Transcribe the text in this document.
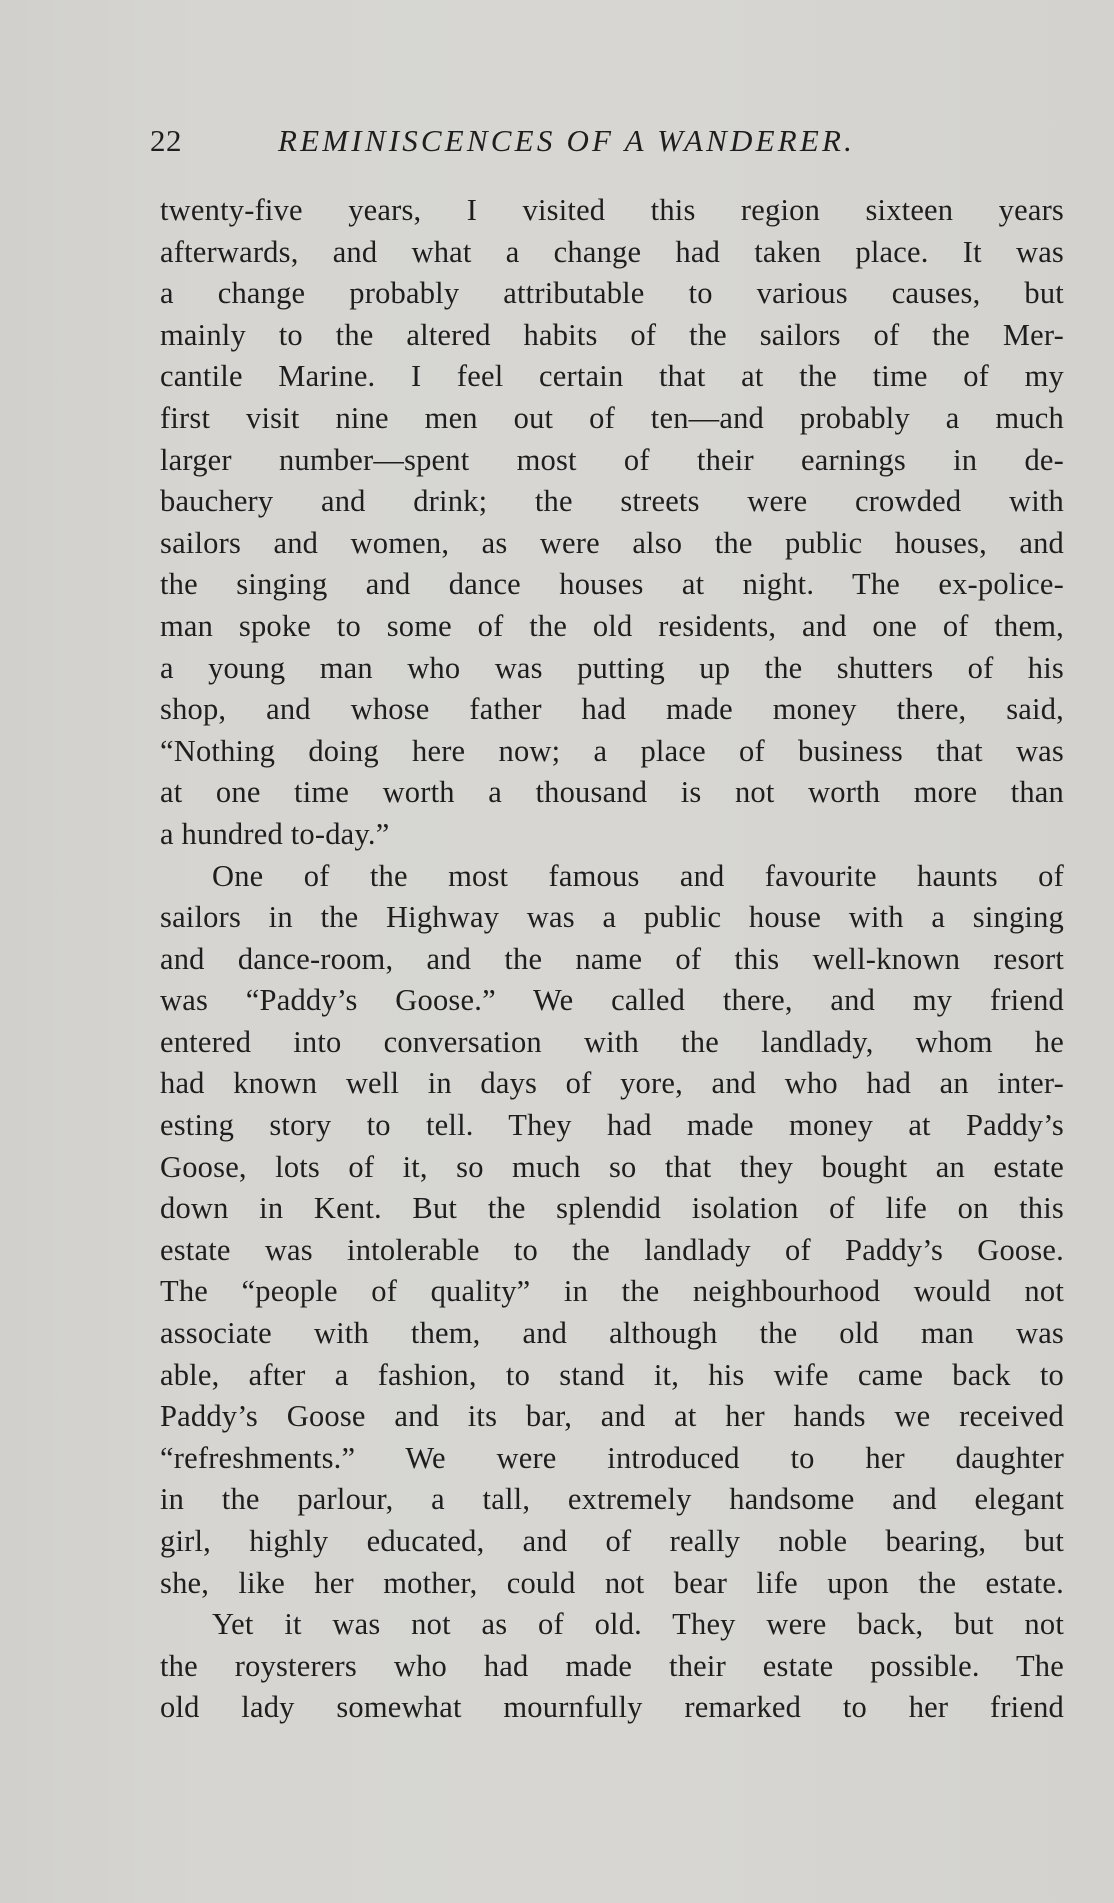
22	REMINISCENCES OF A WANDERER.
twenty-five years, I visited this region sixteen years
afterwards, and what a change had taken place. It was
a change probably attributable to various causes, but
mainly to the altered habits of the sailors of the Mer-
cantile Marine. I feel certain that at the time of my
first visit nine men out of ten—and probably a much
larger number—spent most of their earnings in de-
bauchery and drink; the streets were crowded with
sailors and women, as were also the public houses, and
the singing and dance houses at night. The ex-police-
man spoke to some of the old residents, and one of them,
a young man who was putting up the shutters of his
shop, and whose father had made money there, said,
“Nothing doing here now; a place of business that was
at one time worth a thousand is not worth more than
a hundred to-day.”
One of the most famous and favourite haunts of
sailors in the Highway was a public house with a singing
and dance-room, and the name of this well-known resort
was “Paddy’s Goose.” We called there, and my friend
entered into conversation with the landlady, whom he
had known well in days of yore, and who had an inter-
esting story to tell. They had made money at Paddy’s
Goose, lots of it, so much so that they bought an estate
down in Kent. But the splendid isolation of life on this
estate was intolerable to the landlady of Paddy’s Goose.
The “people of quality” in the neighbourhood would not
associate with them, and although the old man was
able, after a fashion, to stand it, his wife came back to
Paddy’s Goose and its bar, and at her hands we received
“refreshments.” We were introduced to her daughter
in the parlour, a tall, extremely handsome and elegant
girl, highly educated, and of really noble bearing, but
she, like her mother, could not bear life upon the estate.
Yet it was not as of old. They were back, but not
the roysterers who had made their estate possible. The
old lady somewhat mournfully remarked to her friend
